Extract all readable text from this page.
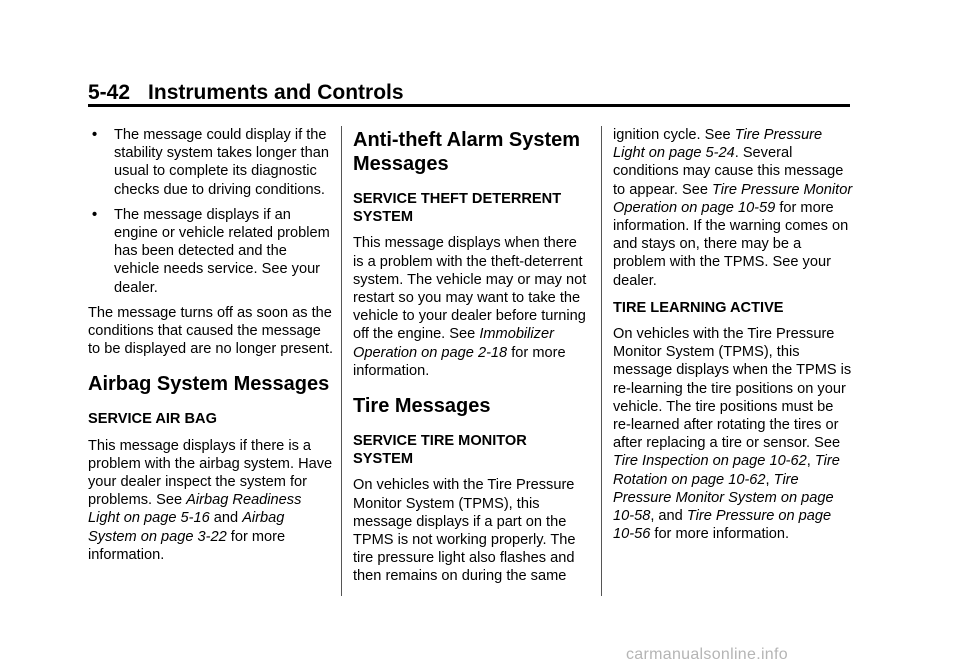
5-42 Instruments and Controls
• The message could display if the stability system takes longer than usual to complete its diagnostic checks due to driving conditions.
• The message displays if an engine or vehicle related problem has been detected and the vehicle needs service. See your dealer.

The message turns off as soon as the conditions that caused the message to be displayed are no longer present.

Airbag System Messages
SERVICE AIR BAG

This message displays if there is a problem with the airbag system. Have your dealer inspect the system for problems. See Airbag Readiness Light on page 5-16 and Airbag System on page 3-22 for more information.

Anti-theft Alarm System Messages
SERVICE THEFT DETERRENT SYSTEM

This message displays when there is a problem with the theft-deterrent system. The vehicle may or may not restart so you may want to take the vehicle to your dealer before turning off the engine. See Immobilizer Operation on page 2-18 for more information.

Tire Messages
SERVICE TIRE MONITOR SYSTEM

On vehicles with the Tire Pressure Monitor System (TPMS), this message displays if a part on the TPMS is not working properly. The tire pressure light also flashes and then remains on during the same

ignition cycle. See Tire Pressure Light on page 5-24. Several conditions may cause this message to appear. See Tire Pressure Monitor Operation on page 10-59 for more information. If the warning comes on and stays on, there may be a problem with the TPMS. See your dealer.

TIRE LEARNING ACTIVE

On vehicles with the Tire Pressure Monitor System (TPMS), this message displays when the TPMS is re-learning the tire positions on your vehicle. The tire positions must be re-learned after rotating the tires or after replacing a tire or sensor. See Tire Inspection on page 10-62, Tire Rotation on page 10-62, Tire Pressure Monitor System on page 10-58, and Tire Pressure on page 10-56 for more information.

carmanualsonline.info
